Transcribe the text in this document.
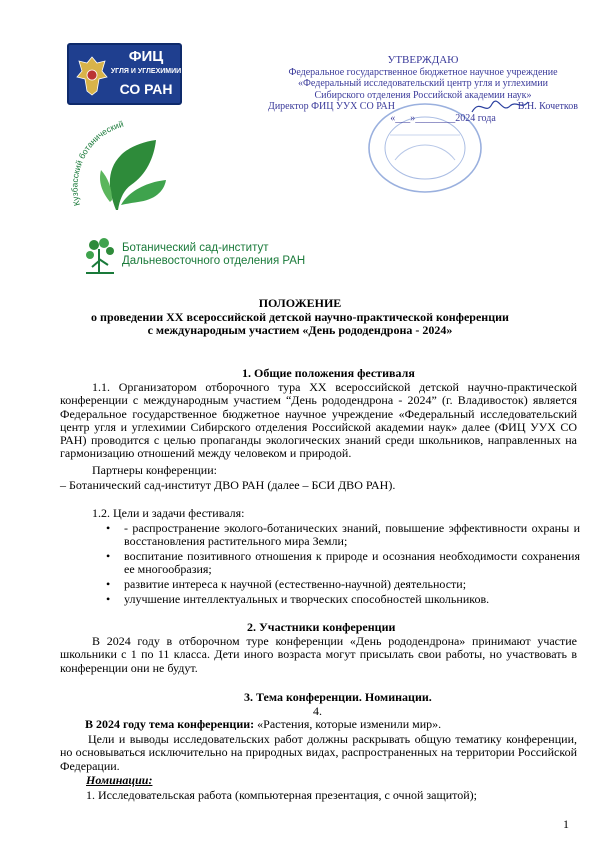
ФИЦ
УГЛЯ И УГЛЕХИМИИ
СО РАН
Кузбасский ботанический
Ботанический сад-институт
Дальневосточного отделения РАН
УТВЕРЖДАЮ
Федеральное государственное бюджетное научное учреждение
«Федеральный исследовательский центр угля и углехимии
Сибирского отделения Российской академии наук»
Директор ФИЦ УУХ СО РАН	В.Н. Кочетков
«___»________2024 года
ПОЛОЖЕНИЕ
о проведении XX всероссийской детской научно-практической конференции
с международным участием «День рододендрона - 2024»
1. Общие положения фестиваля

1.1. Организатором отборочного тура XX всероссийской детской научно-практической конференции с международным участием “День рододендрона - 2024” (г. Владивосток) является Федеральное государственное бюджетное научное учреждение «Федеральный исследовательский центр угля и углехимии Сибирского отделения Российской академии наук» далее (ФИЦ УУХ СО РАН) проводится с целью пропаганды экологических знаний среди школьников, направленных на гармонизацию отношений между человеком и природой.

Партнеры конференции:

– Ботанический сад-институт ДВО РАН (далее – БСИ ДВО РАН).

1.2. Цели и задачи фестиваля:

• - распространение эколого-ботанических знаний, повышение эффективности охраны и восстановления растительного мира Земли;
• воспитание позитивного отношения к природе и осознания необходимости сохранения ее многообразия;
• развитие интереса к научной (естественно-научной) деятельности;
• улучшение интеллектуальных и творческих способностей школьников.
2. Участники конференции

В 2024 году в отборочном туре конференции «День рододендрона» принимают участие школьники с 1 по 11 класса. Дети иного возраста могут присылать свои работы, но участвовать в конференции они не будут.

3. Тема конференции. Номинации.
4.

В 2024 году тема конференции: «Растения, которые изменили мир».

Цели и выводы исследовательских работ должны раскрывать общую тематику конференции, но основываться исключительно на природных видах, распространенных на территории Российской Федерации.

Номинации:

1. Исследовательская работа (компьютерная презентация, с очной защитой);

1
